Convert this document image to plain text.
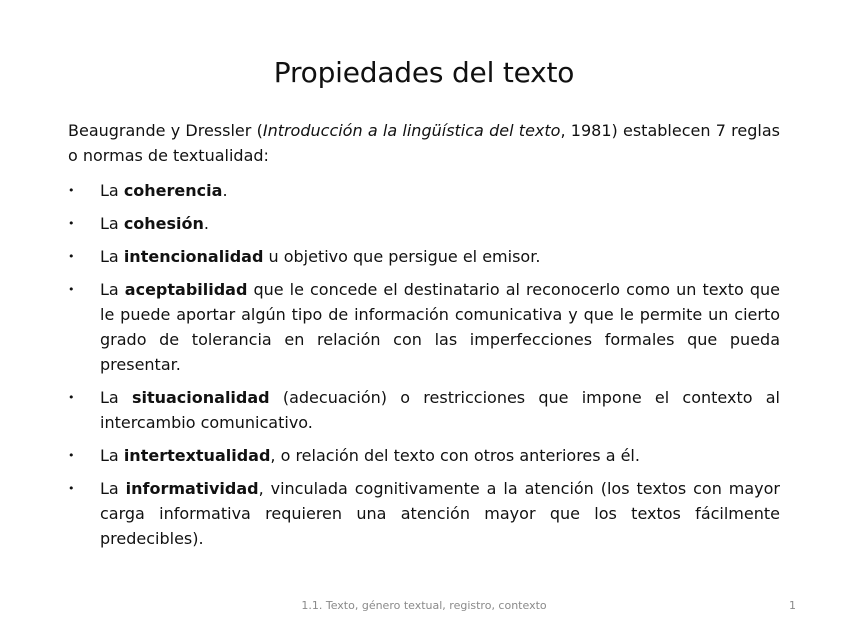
Propiedades del texto

Beaugrande y Dressler (Introducción a la lingüística del texto, 1981) establecen 7 reglas o normas de textualidad:

• La coherencia.
• La cohesión.
• La intencionalidad u objetivo que persigue el emisor.
• La aceptabilidad que le concede el destinatario al reconocerlo como un texto que le puede aportar algún tipo de información comunicativa y que le permite un cierto grado de tolerancia en relación con las imperfecciones formales que pueda presentar.
• La situacionalidad (adecuación) o restricciones que impone el contexto al intercambio comunicativo.
• La intertextualidad, o relación del texto con otros anteriores a él.
• La informatividad, vinculada cognitivamente a la atención (los textos con mayor carga informativa requieren una atención mayor que los textos fácilmente predecibles).
1.1. Texto, género textual, registro, contexto	1
